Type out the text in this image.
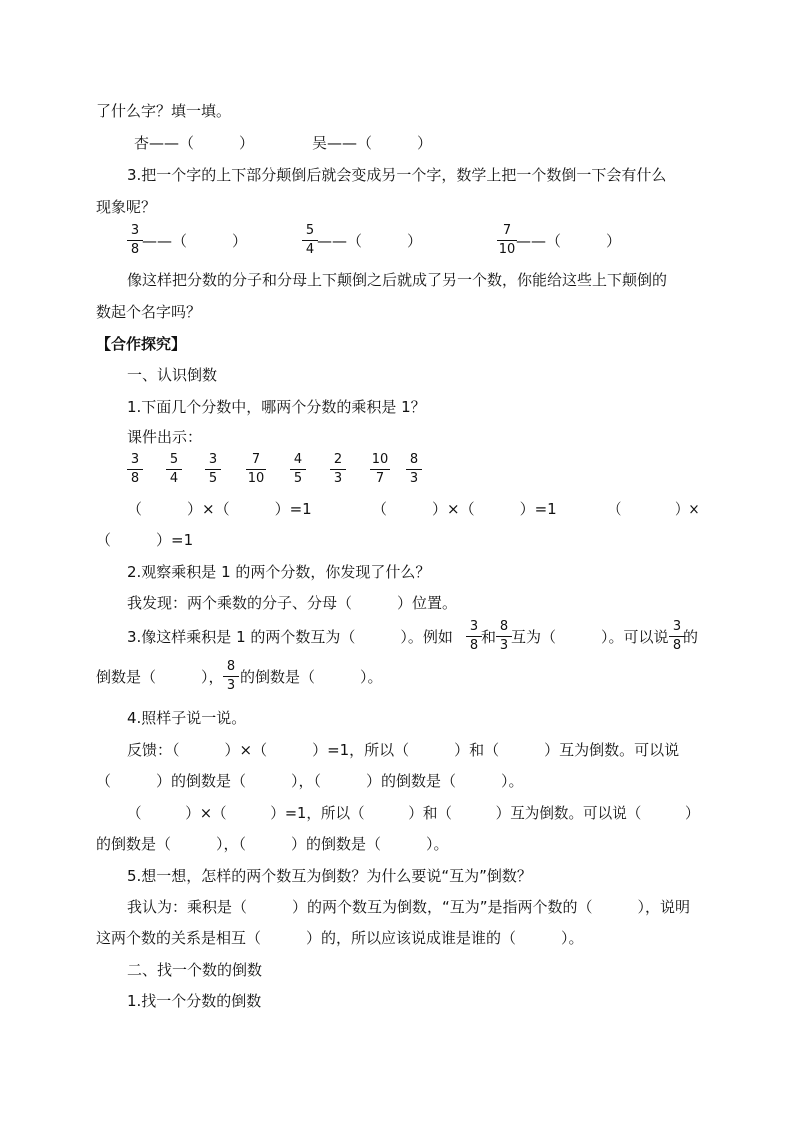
了什么字？填一填。
杏——（　　　）	吴——（　　　）
3.把一个字的上下部分颠倒后就会变成另一个字，数学上把一个数倒一下会有什么
现象呢？
3
8 ——（　　　）
5
4 ——（　　　）
7
10 ——（　　　）
像这样把分数的分子和分母上下颠倒之后就成了另一个数，你能给这些上下颠倒的
数起个名字吗？
【合作探究】
一、认识倒数
1.下面几个分数中，哪两个分数的乘积是 1？
课件出示：
3
8
5
4
3
5
7
10
4
5
2
3
10
7
8
3
（　　　）×（　　　）=1	（　　　）×（　　　）=1	（　　　　）×
（　　　）=1
2.观察乘积是 1 的两个分数，你发现了什么？
我发现：两个乘数的分子、分母（　　　）位置。
3.像这样乘积是 1 的两个数互为（　　　）。例如
3
8 和
8
3 互为（　　　）。可以说
3
8 的
倒数是（　　　），
8
3 的倒数是（　　　）。
4.照样子说一说。
反馈：（　　　）×（　　　）=1，所以（　　　）和（　　　）互为倒数。可以说
（　　　）的倒数是（　　　），（　　　）的倒数是（　　　）。
（　　　）×（　　　）=1，所以（　　　）和（　　　）互为倒数。可以说（　　　）
的倒数是（　　　），（　　　）的倒数是（　　　）。
5.想一想，怎样的两个数互为倒数？为什么要说“互为”倒数？
我认为：乘积是（　　　）的两个数互为倒数，“互为”是指两个数的（　　　），说明
这两个数的关系是相互（　　　）的，所以应该说成谁是谁的（　　　）。
二、找一个数的倒数
1.找一个分数的倒数
